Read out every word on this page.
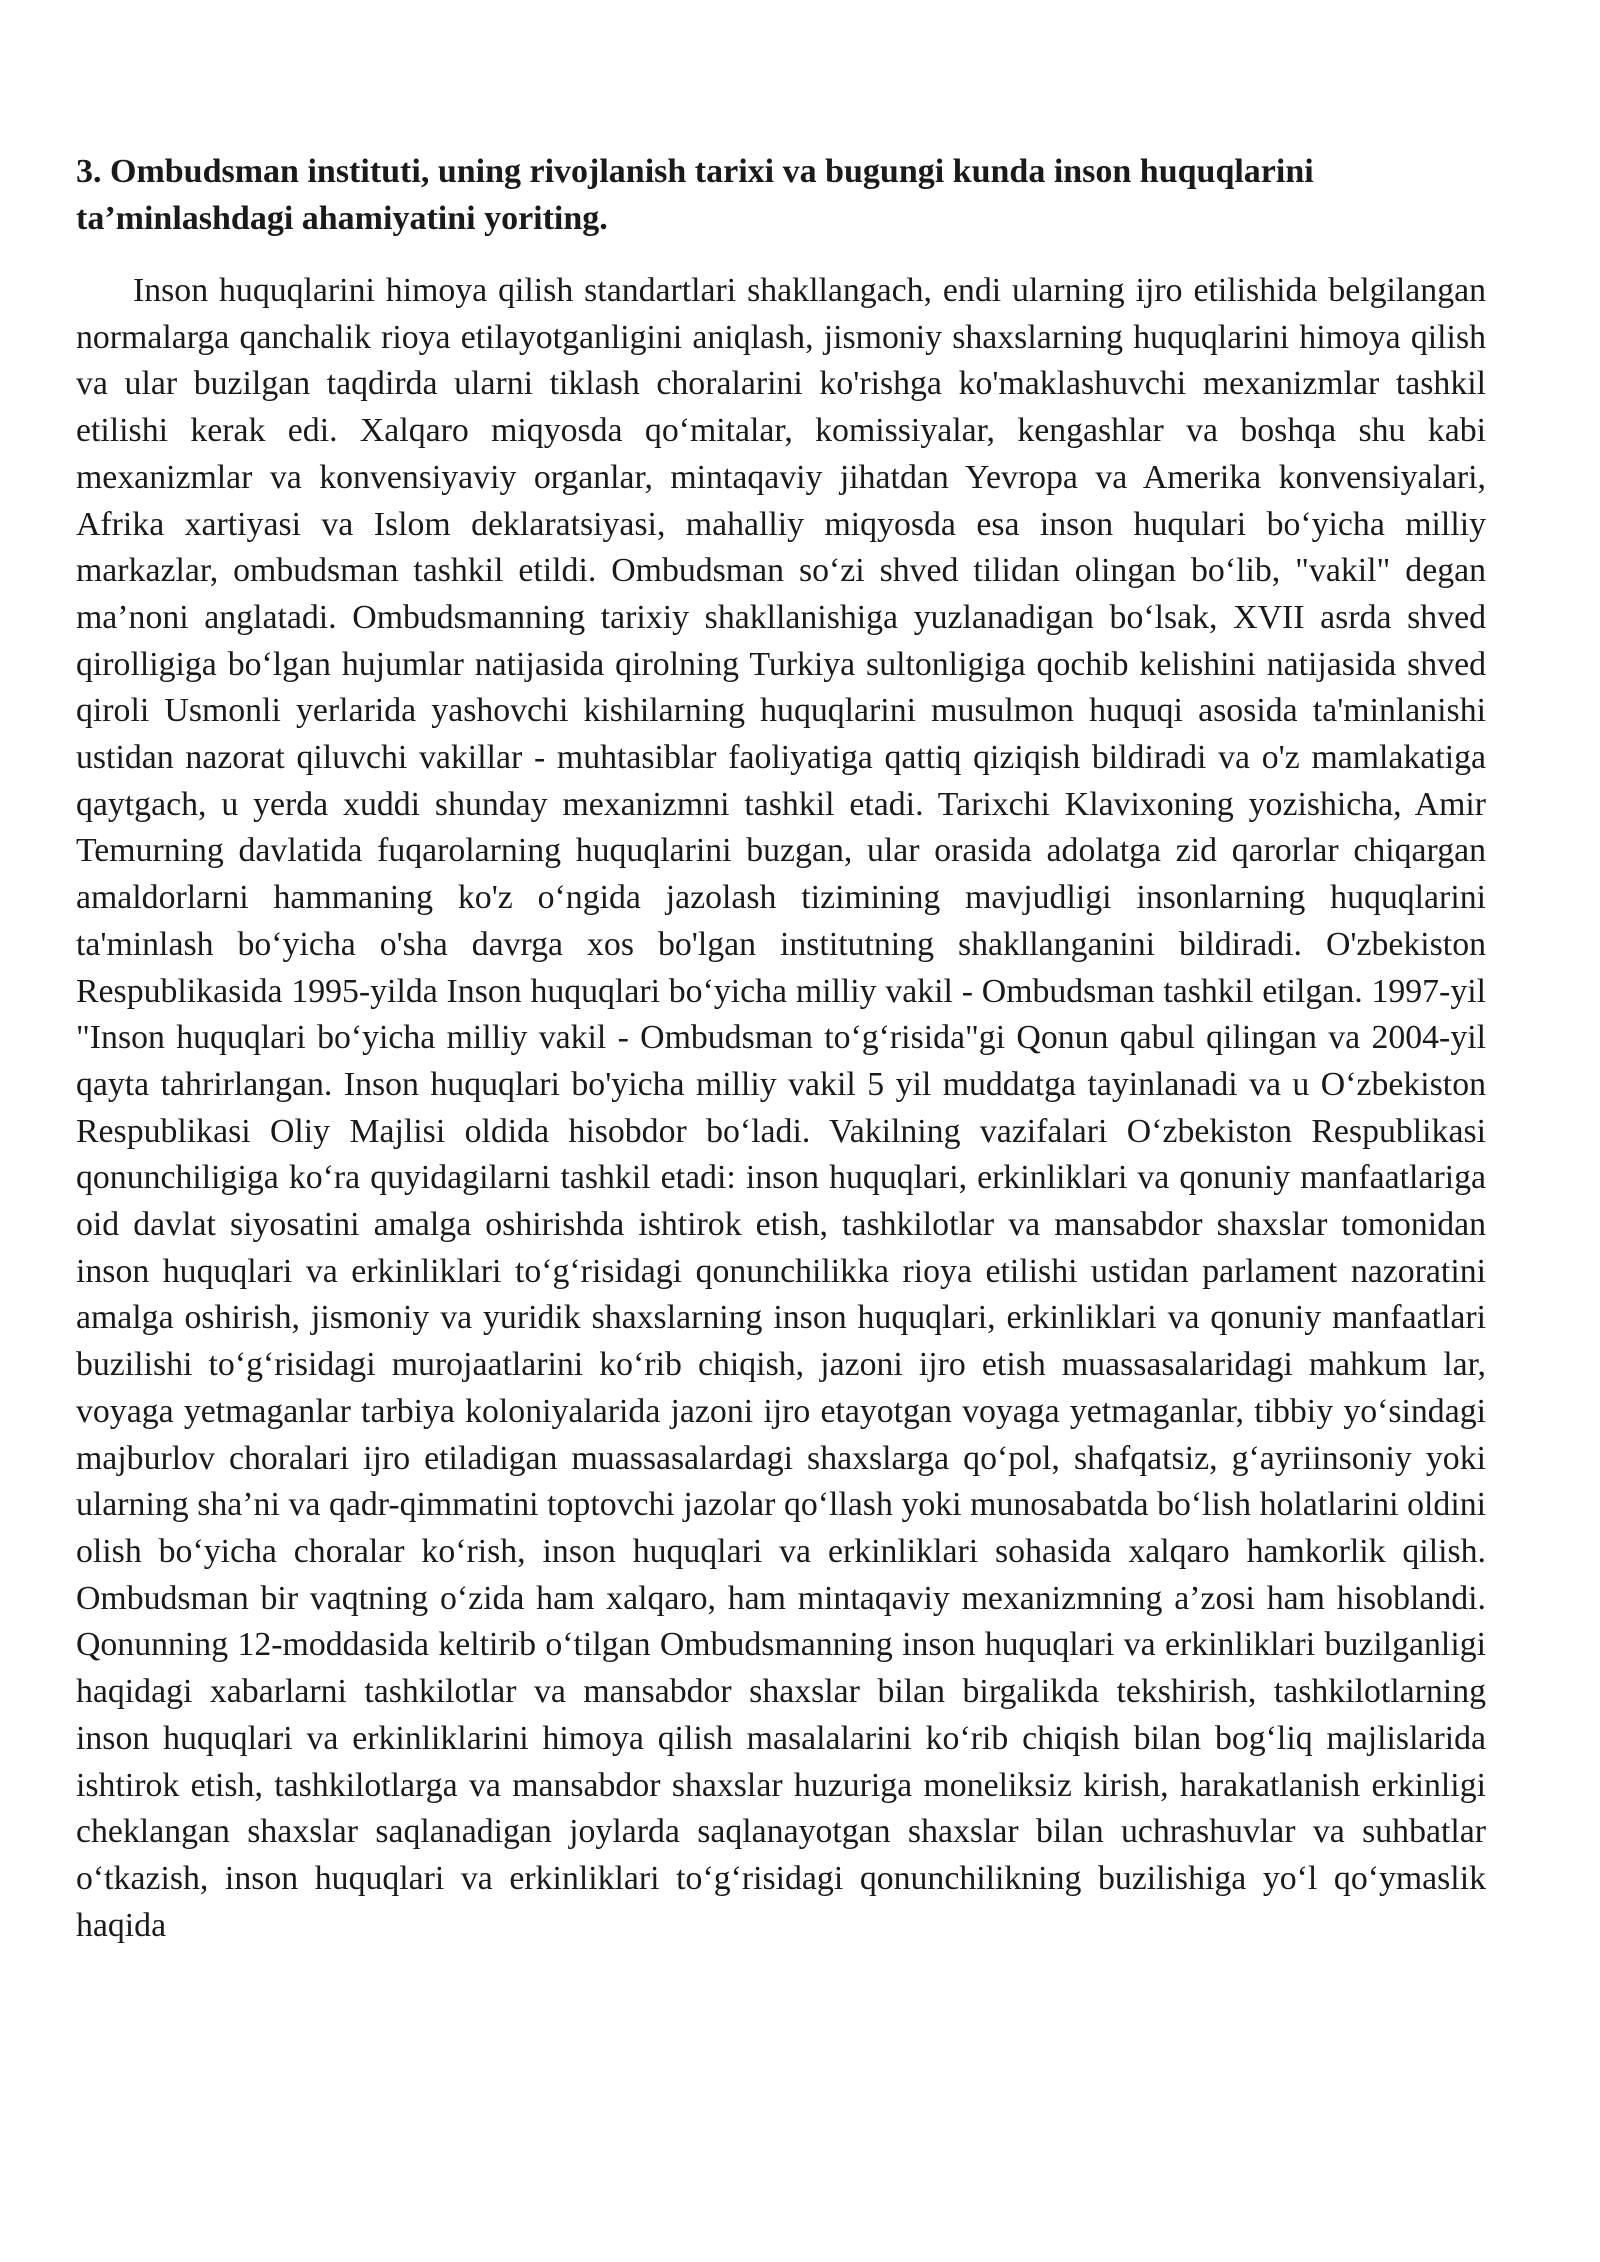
3. Ombudsman instituti, uning rivojlanish tarixi va bugungi kunda inson huquqlarini ta’minlashdagi ahamiyatini yoriting.

Inson huquqlarini himoya qilish standartlari shakllangach, endi ularning ijro etilishida belgilangan normalarga qanchalik rioya etilayotganligini aniqlash, jismoniy shaxslarning huquqlarini himoya qilish va ular buzilgan taqdirda ularni tiklash choralarini ko'rishga ko'maklashuvchi mexanizmlar tashkil etilishi kerak edi. Xalqaro miqyosda qo‘mitalar, komissiyalar, kengashlar va boshqa shu kabi mexanizmlar va konvensiyaviy organlar, mintaqaviy jihatdan Yevropa va Amerika konvensiyalari, Afrika xartiyasi va Islom deklaratsiyasi, mahalliy miqyosda esa inson huqulari bo‘yicha milliy markazlar, ombudsman tashkil etildi. Ombudsman so‘zi shved tilidan olingan bo‘lib, "vakil" degan ma’noni anglatadi. Ombudsmanning tarixiy shakllanishiga yuzlanadigan bo‘lsak, XVII asrda shved qirolligiga bo‘lgan hujumlar natijasida qirolning Turkiya sultonligiga qochib kelishini natijasida shved qiroli Usmonli yerlarida yashovchi kishilarning huquqlarini musulmon huquqi asosida ta'minlanishi ustidan nazorat qiluvchi vakillar - muhtasiblar faoliyatiga qattiq qiziqish bildiradi va o'z mamlakatiga qaytgach, u yerda xuddi shunday mexanizmni tashkil etadi. Tarixchi Klavixoning yozishicha, Amir Temurning davlatida fuqarolarning huquqlarini buzgan, ular orasida adolatga zid qarorlar chiqargan amaldorlarni hammaning ko'z o‘ngida jazolash tizimining mavjudligi insonlarning huquqlarini ta'minlash bo‘yicha o'sha davrga xos bo'lgan institutning shakllanganini bildiradi. O'zbekiston Respublikasida 1995-yilda Inson huquqlari bo‘yicha milliy vakil - Ombudsman tashkil etilgan. 1997-yil "Inson huquqlari bo‘yicha milliy vakil - Ombudsman to‘g‘risida"gi Qonun qabul qilingan va 2004-yil qayta tahrirlangan. Inson huquqlari bo'yicha milliy vakil 5 yil muddatga tayinlanadi va u O‘zbekiston Respublikasi Oliy Majlisi oldida hisobdor bo‘ladi. Vakilning vazifalari O‘zbekiston Respublikasi qonunchiligiga ko‘ra quyidagilarni tashkil etadi: inson huquqlari, erkinliklari va qonuniy manfaatlariga oid davlat siyosatini amalga oshirishda ishtirok etish, tashkilotlar va mansabdor shaxslar tomonidan inson huquqlari va erkinliklari to‘g‘risidagi qonunchilikka rioya etilishi ustidan parlament nazoratini amalga oshirish, jismoniy va yuridik shaxslarning inson huquqlari, erkinliklari va qonuniy manfaatlari buzilishi to‘g‘risidagi murojaatlarini ko‘rib chiqish, jazoni ijro etish muassasalaridagi mahkum lar, voyaga yetmaganlar tarbiya koloniyalarida jazoni ijro etayotgan voyaga yetmaganlar, tibbiy yo‘sindagi majburlov choralari ijro etiladigan muassasalardagi shaxslarga qo‘pol, shafqatsiz, g‘ayriinsoniy yoki ularning sha’ni va qadr-qimmatini toptovchi jazolar qo‘llash yoki munosabatda bo‘lish holatlarini oldini olish bo‘yicha choralar ko‘rish, inson huquqlari va erkinliklari sohasida xalqaro hamkorlik qilish. Ombudsman bir vaqtning o‘zida ham xalqaro, ham mintaqaviy mexanizmning a’zosi ham hisoblandi. Qonunning 12-moddasida keltirib o‘tilgan Ombudsmanning inson huquqlari va erkinliklari buzilganligi haqidagi xabarlarni tashkilotlar va mansabdor shaxslar bilan birgalikda tekshirish, tashkilotlarning inson huquqlari va erkinliklarini himoya qilish masalalarini ko‘rib chiqish bilan bog‘liq majlislarida ishtirok etish, tashkilotlarga va mansabdor shaxslar huzuriga moneliksiz kirish, harakatlanish erkinligi cheklangan shaxslar saqlanadigan joylarda saqlanayotgan shaxslar bilan uchrashuvlar va suhbatlar o‘tkazish, inson huquqlari va erkinliklari to‘g‘risidagi qonunchilikning buzilishiga yo‘l qo‘ymaslik haqida
